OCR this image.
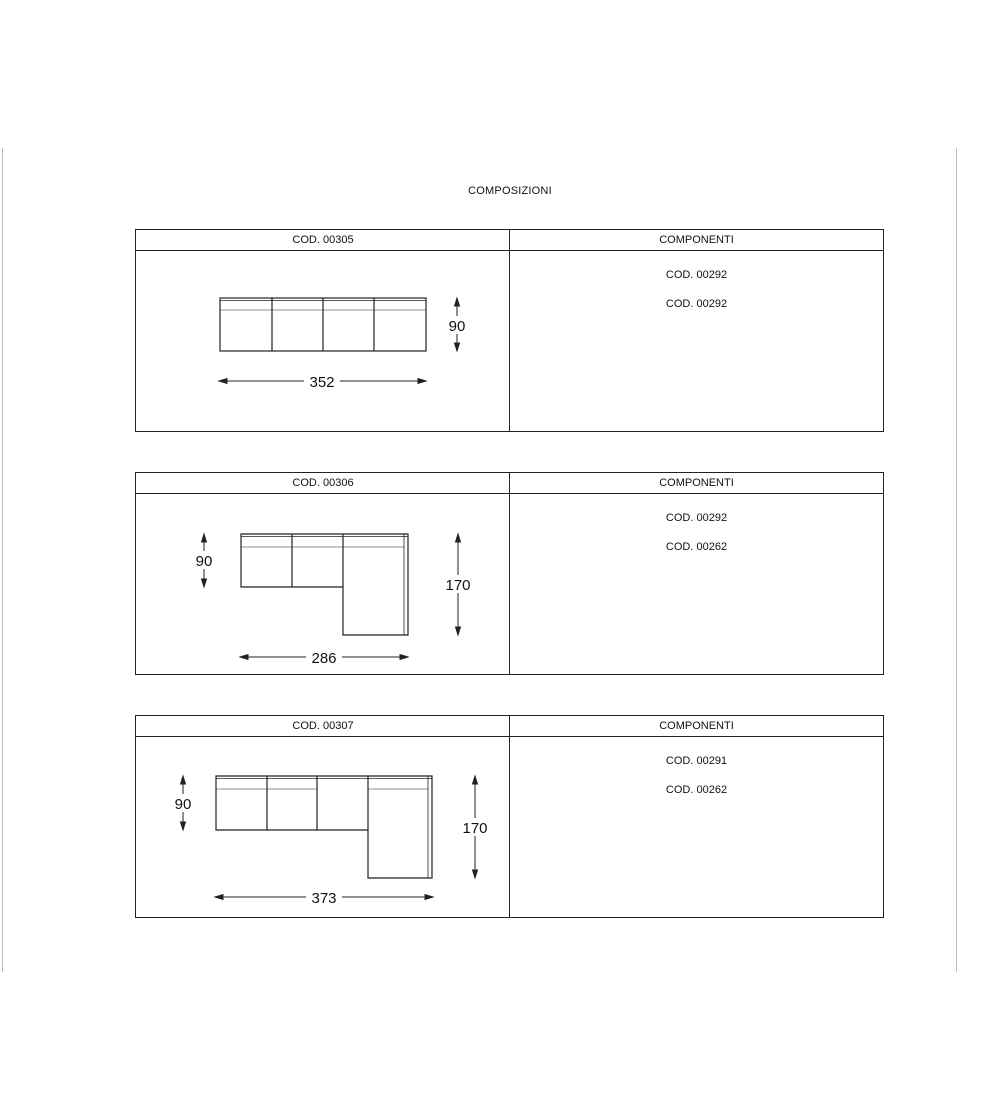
COMPOSIZIONI
COD. 00305	COMPONENTI
352
90
COD. 00292
COD. 00292
COD. 00306	COMPONENTI
286
90
170
COD. 00292
COD. 00262
COD. 00307	COMPONENTI
373
90
170
COD. 00291
COD. 00262
